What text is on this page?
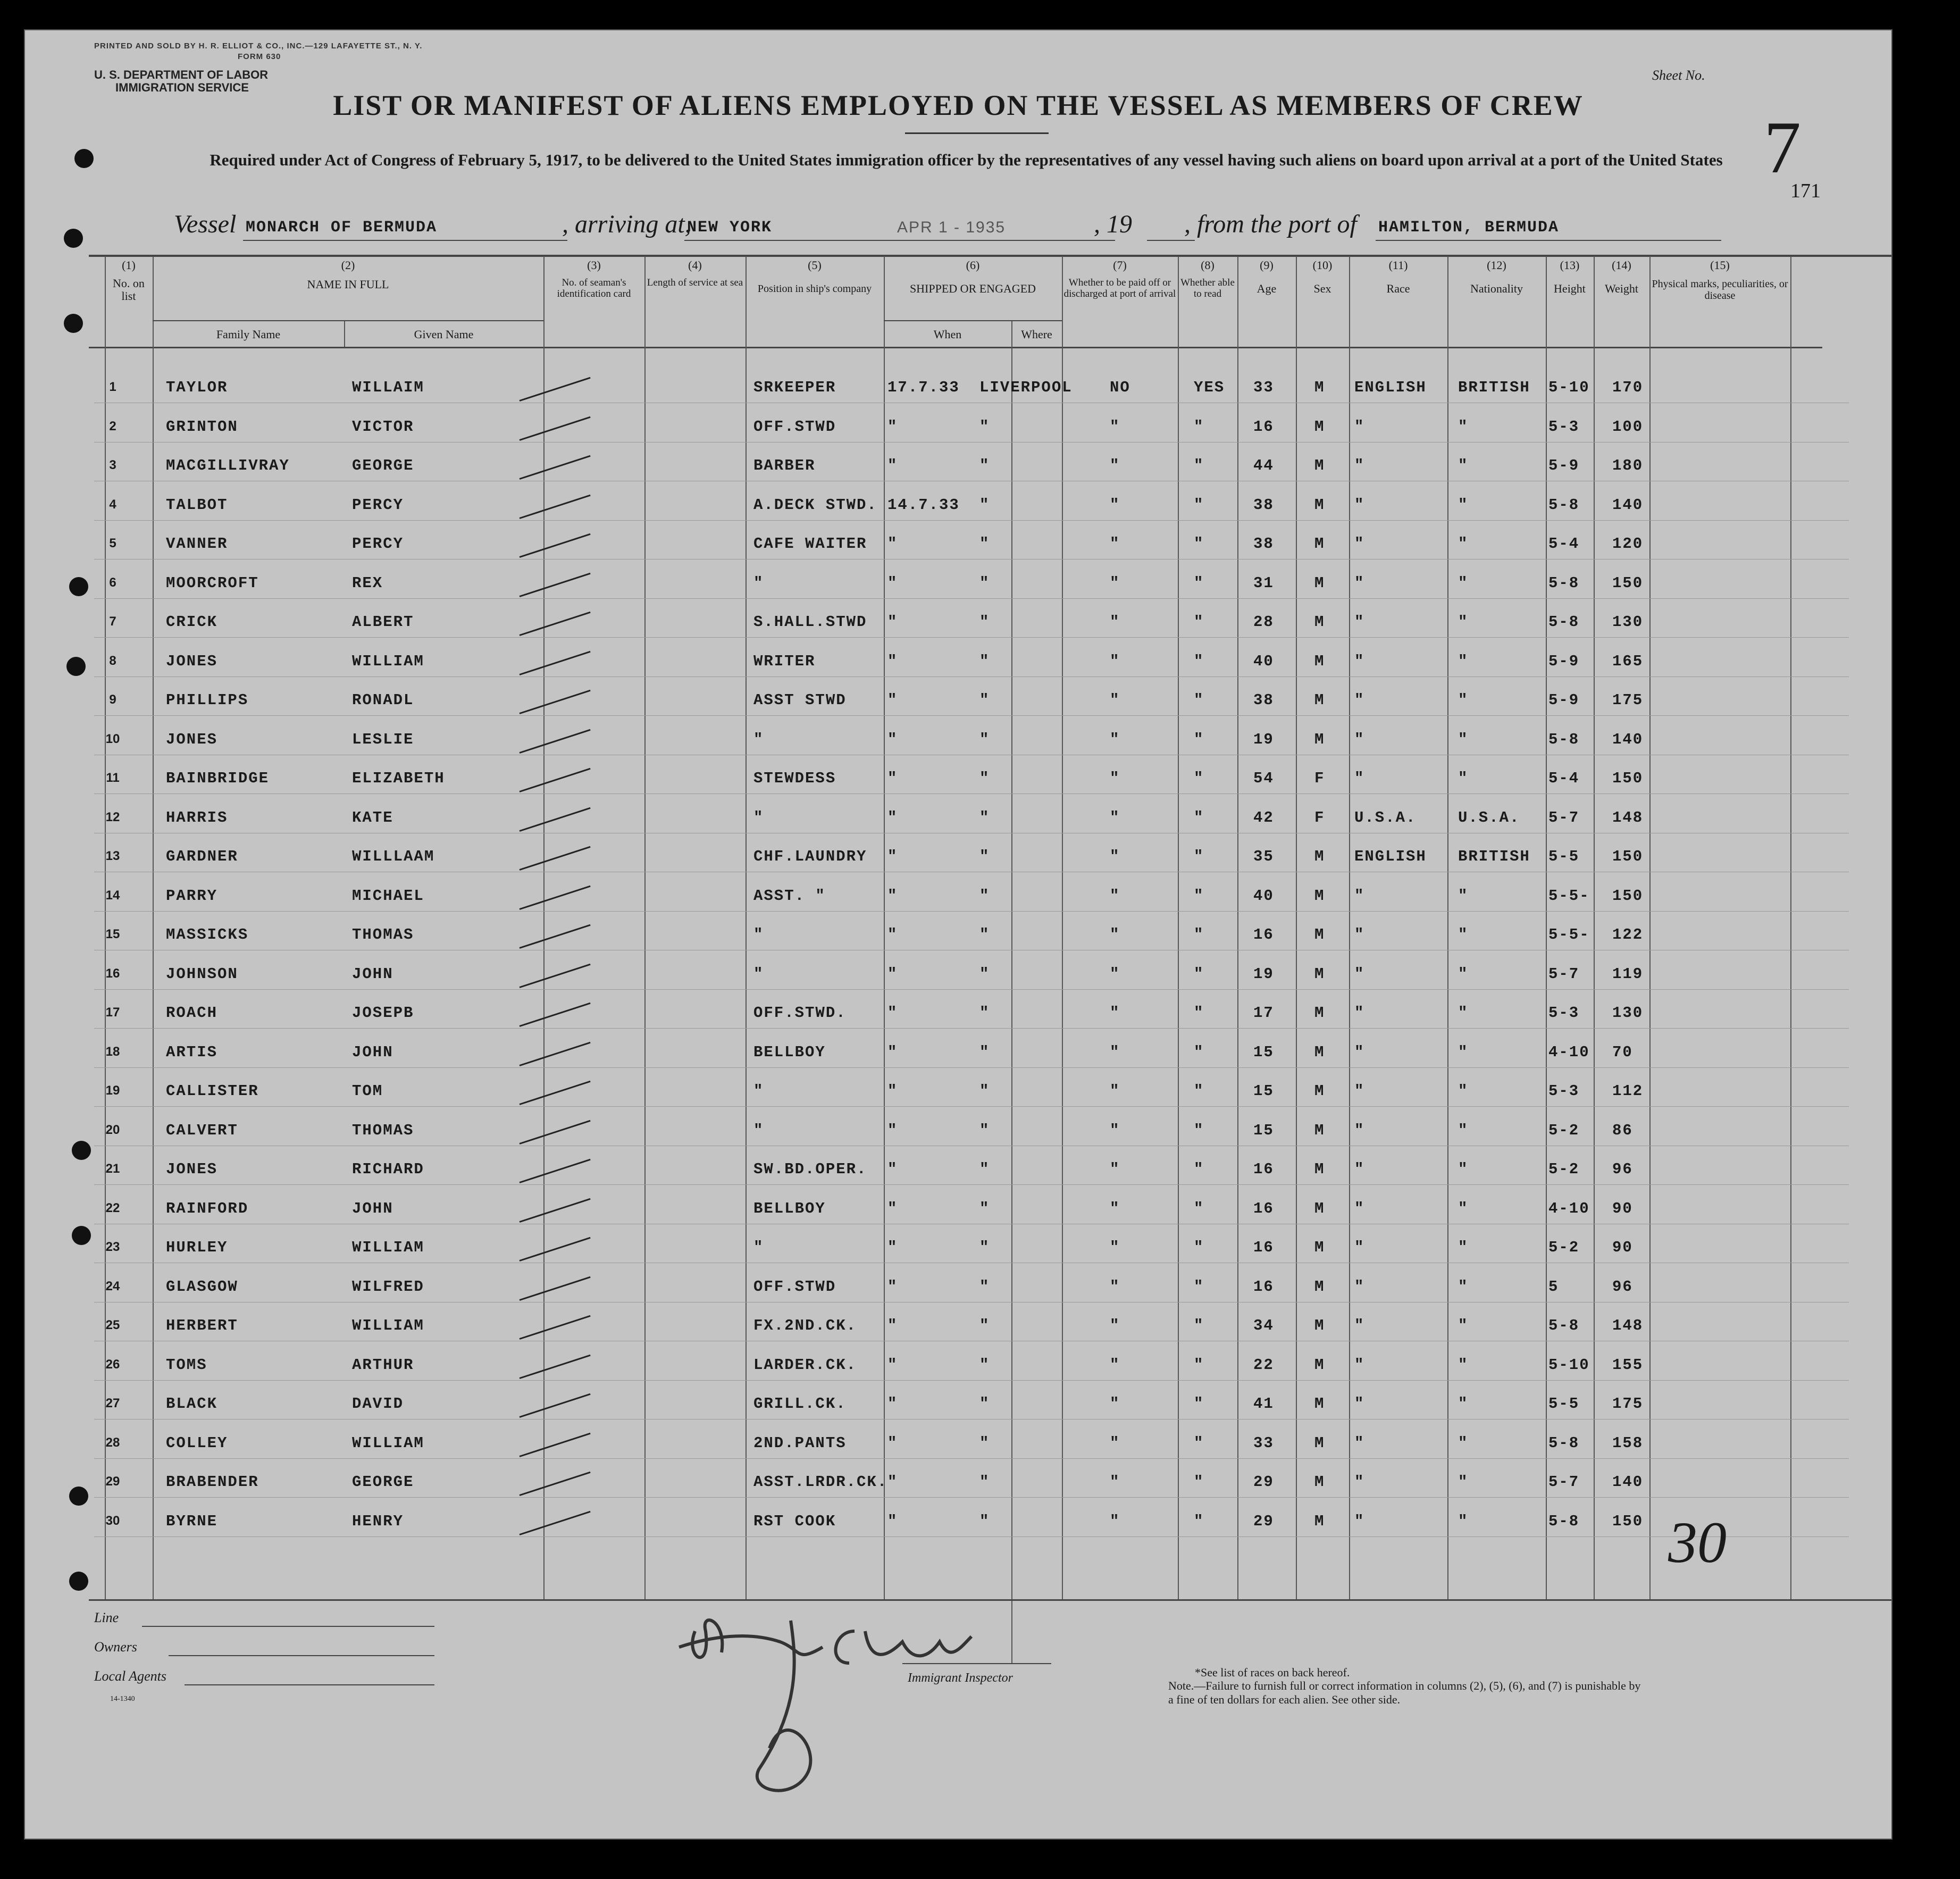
PRINTED AND SOLD BY H. R. ELLIOT & CO., INC.—129 LAFAYETTE ST., N. Y.
FORM 630
U. S. DEPARTMENT OF LABOR
IMMIGRATION SERVICE
Sheet No.
7
171
LIST OR MANIFEST OF ALIENS EMPLOYED ON THE VESSEL AS MEMBERS OF CREW
Required under Act of Congress of February 5, 1917, to be delivered to the United States immigration officer by the representatives of any vessel having such aliens on board upon arrival at a port of the United States
Vessel MONARCH OF BERMUDA	, arriving at,
NEW YORK	APR 1 - 1935	, 19 , from the port of HAMILTON, BERMUDA
(1)
No. on list
(2)
NAME IN FULL
Family Name	Given Name
(3)
No. of seaman's identification card
(4)
Length of service at sea
(5)
Position in ship's company
(6)
SHIPPED OR ENGAGED
When	Where
(7)
Whether to be paid off or discharged at port of arrival
(8)
Whether able to read
(9)
Age
(10)
Sex
(11)
Race
(12)
Nationality
(13)
Height
(14)
Weight
(15)
Physical marks, peculiarities, or disease
1	TAYLOR	WILLAIM	SRKEEPER	17.7.33 LIVERPOOL NO	YES 33	M ENGLISH BRITISH 5-10 170
2	GRINTON	VICTOR	OFF.STWD	"	"	"	"	16	M "	"	5-3 100
3	MACGILLIVRAY	GEORGE	BARBER	"	"	"	"	44	M "	"	5-9 180
4	TALBOT	PERCY	A.DECK STWD. 14.7.33 "	"	"	38	M "	"	5-8 140
5	VANNER	PERCY	CAFE WAITER "	"	"	"	38	M "	"	5-4 120
6	MOORCROFT	REX	"	"	"	"	"	31	M "	"	5-8 150
7	CRICK	ALBERT	S.HALL.STWD "	"	"	"	28	M "	"	5-8 130
8	JONES	WILLIAM	WRITER	"	"	"	"	40	M "	"	5-9 165
9	PHILLIPS	RONADL	ASST STWD	"	"	"	"	38	M "	"	5-9 175
10	JONES	LESLIE	"	"	"	"	"	19	M "	"	5-8 140
11	BAINBRIDGE	ELIZABETH	STEWDESS	"	"	"	"	54	F "	"	5-4 150
12	HARRIS	KATE	"	"	"	"	"	42	F U.S.A.	U.S.A. 5-7 148
13	GARDNER	WILLLAAM	CHF.LAUNDRY "	"	"	"	35	M ENGLISH BRITISH 5-5 150
14	PARRY	MICHAEL	ASST. "	"	"	"	"	40	M "	"	5-5- 150
15	MASSICKS	THOMAS	"	"	"	"	"	16	M "	"	5-5- 122
16	JOHNSON	JOHN	"	"	"	"	"	19	M "	"	5-7 119
17	ROACH	JOSEPB	OFF.STWD.	"	"	"	"	17	M "	"	5-3 130
18	ARTIS	JOHN	BELLBOY	"	"	"	"	15	M "	"	4-10 70
19	CALLISTER	TOM	"	"	"	"	"	15	M "	"	5-3 112
20	CALVERT	THOMAS	"	"	"	"	"	15	M "	"	5-2 86
21	JONES	RICHARD	SW.BD.OPER. "	"	"	"	16	M "	"	5-2 96
22	RAINFORD	JOHN	BELLBOY	"	"	"	"	16	M "	"	4-10 90
23	HURLEY	WILLIAM	"	"	"	"	"	16	M "	"	5-2 90
24	GLASGOW	WILFRED	OFF.STWD	"	"	"	"	16	M "	"	5	96
25	HERBERT	WILLIAM	FX.2ND.CK. "	"	"	"	34	M "	"	5-8 148
26	TOMS	ARTHUR	LARDER.CK. "	"	"	"	22	M "	"	5-10 155
27	BLACK	DAVID	GRILL.CK.	"	"	"	"	41	M "	"	5-5 175
28	COLLEY	WILLIAM	2ND.PANTS	"	"	"	"	33	M "	"	5-8 158
29	BRABENDER	GEORGE	ASST.LRDR.CK. "	"	"	"	29	M "	"	5-7 140
30	BYRNE	HENRY	RST COOK	"	"	"	"	29	M "	"	5-8 150 30
Line
Owners
Local Agents
14-1340
Immigrant Inspector	*See list of races on back hereof.
Note.—Failure to furnish full or correct information in columns (2), (5), (6), and (7) is punishable by a fine of ten dollars for each alien. See other side.
